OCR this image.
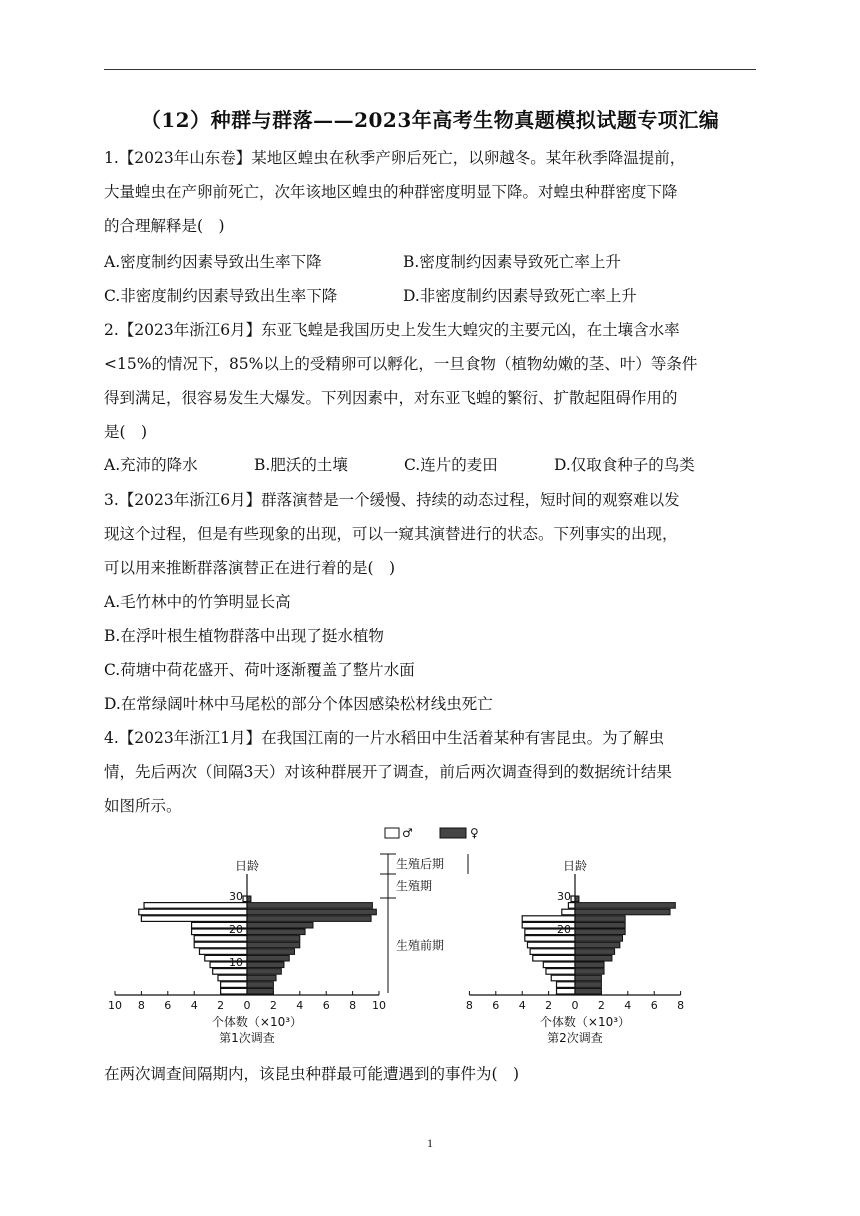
（12）种群与群落——2023年高考生物真题模拟试题专项汇编
1.【2023年山东卷】某地区蝗虫在秋季产卵后死亡，以卵越冬。某年秋季降温提前，
大量蝗虫在产卵前死亡，次年该地区蝗虫的种群密度明显下降。对蝗虫种群密度下降
的合理解释是(　)
A.密度制约因素导致出生率下降	B.密度制约因素导致死亡率上升
C.非密度制约因素导致出生率下降	D.非密度制约因素导致死亡率上升
2.【2023年浙江6月】东亚飞蝗是我国历史上发生大蝗灾的主要元凶，在土壤含水率
<15%的情况下，85%以上的受精卵可以孵化，一旦食物（植物幼嫩的茎、叶）等条件
得到满足，很容易发生大爆发。下列因素中，对东亚飞蝗的繁衍、扩散起阻碍作用的
是(　)
A.充沛的降水	B.肥沃的土壤	C.连片的麦田	D.仅取食种子的鸟类
3.【2023年浙江6月】群落演替是一个缓慢、持续的动态过程，短时间的观察难以发
现这个过程，但是有些现象的出现，可以一窥其演替进行的状态。下列事实的出现，
可以用来推断群落演替正在进行着的是(　)
A.毛竹林中的竹笋明显长高
B.在浮叶根生植物群落中出现了挺水植物
C.荷塘中荷花盛开、荷叶逐渐覆盖了整片水面
D.在常绿阔叶林中马尾松的部分个体因感染松材线虫死亡
4.【2023年浙江1月】在我国江南的一片水稻田中生活着某种有害昆虫。为了解虫
情，先后两次（间隔3天）对该种群展开了调查，前后两次调查得到的数据统计结果
如图所示。
10 8 6 4 2 0 2 4 6 8 10
10
20
30
日龄
个体数（×10³）
第1次调查
8 6 4 2 0 2 4 6 8
20
30
日龄
个体数（×10³）
第2次调查
♂	♀
生殖后期
生殖期
生殖前期
在两次调查间隔期内，该昆虫种群最可能遭遇到的事件为(　)
1
